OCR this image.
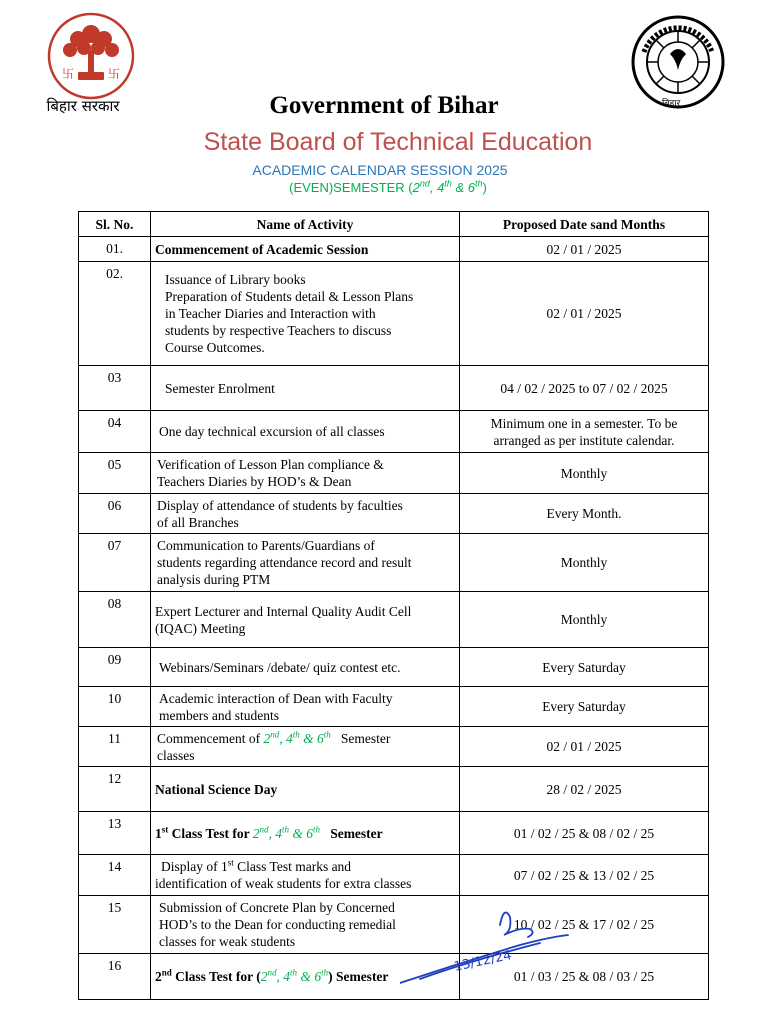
卐	卐
बिहार सरकार	बिहार
Government of Bihar
State Board of Technical Education
ACADEMIC CALENDAR SESSION 2025
(EVEN)SEMESTER (2nd, 4th & 6th)
Sl. No.	Name of Activity	Proposed Date sand Months
01.	Commencement of Academic Session	02 / 01 / 2025
02.	Issuance of Library books
Preparation of Students detail & Lesson Plans
in Teacher Diaries and Interaction with
students by respective Teachers to discuss
Course Outcomes.	02 / 01 / 2025
03	Semester Enrolment	04 / 02 / 2025 to 07 / 02 / 2025
04	One day technical excursion of all classes	Minimum one in a semester. To be
arranged as per institute calendar.

05	Verification of Lesson Plan compliance &
Teachers Diaries by HOD’s & Dean	Monthly
06	Display of attendance of students by faculties
of all Branches	Every Month.
07	Communication to Parents/Guardians of
students regarding attendance record and result
analysis during PTM	Monthly
08	Expert Lecturer and Internal Quality Audit Cell
(IQAC) Meeting	Monthly
09	Webinars/Seminars /debate/ quiz contest etc.	Every Saturday
10	Academic interaction of Dean with Faculty
members and students	Every Saturday
11	Commencement of 2nd, 4th & 6th Semester
classes	02 / 01 / 2025
12	National Science Day	28 / 02 / 2025
13	1st Class Test for 2nd, 4th & 6th Semester	01 / 02 / 25 & 08 / 02 / 25
14	Display of 1st Class Test marks and
identification of weak students for extra classes	07 / 02 / 25 & 13 / 02 / 25
15	Submission of Concrete Plan by Concerned
HOD’s to the Dean for conducting remedial
classes for weak students	10 / 02 / 25 & 17 / 02 / 25
16	2nd Class Test for (2nd, 4th & 6th) Semester	01 / 03 / 25 & 08 / 03 / 25
13/12/24
